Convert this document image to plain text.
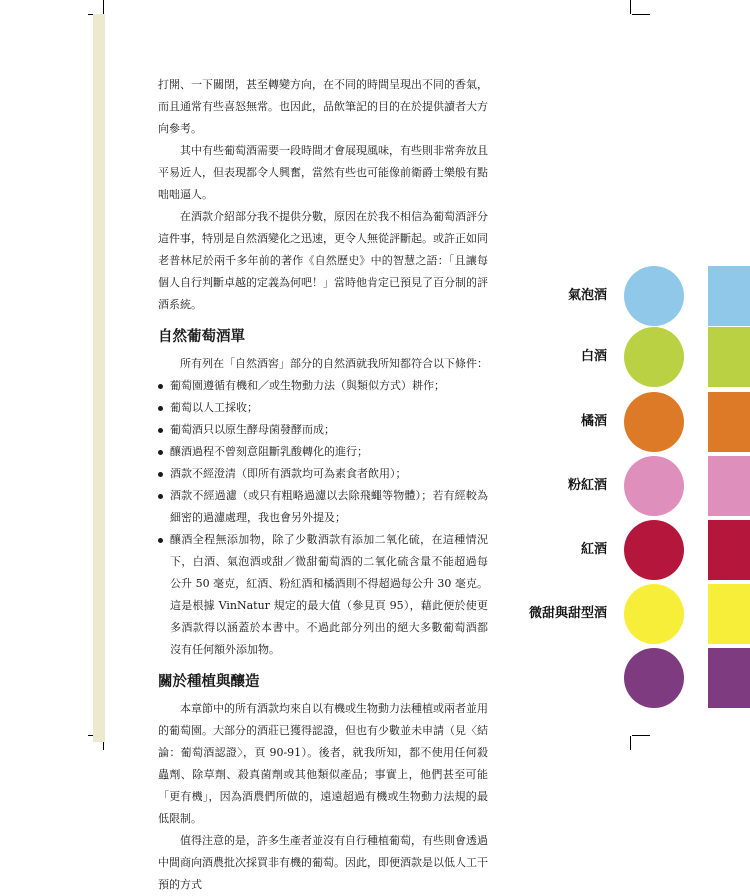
打開、一下關閉，甚至轉變方向，在不同的時間呈現出不同的香氣，而且通常有些喜怒無常。也因此，品飲筆記的目的在於提供讀者大方向參考。

其中有些葡萄酒需要一段時間才會展現風味，有些則非常奔放且平易近人，但表現都令人興奮，當然有些也可能像前衛爵士樂般有點咄咄逼人。

在酒款介紹部分我不提供分數，原因在於我不相信為葡萄酒評分這件事，特別是自然酒變化之迅速，更令人無從評斷起。或許正如同老普林尼於兩千多年前的著作《自然歷史》中的智慧之語：「且讓每個人自行判斷卓越的定義為何吧！」當時他肯定已預見了百分制的評酒系統。

自然葡萄酒單

所有列在「自然酒窖」部分的自然酒就我所知都符合以下條件：

葡萄園遵循有機和／或生物動力法（與類似方式）耕作；
葡萄以人工採收；
葡萄酒只以原生酵母菌發酵而成；
釀酒過程不曾刻意阻斷乳酸轉化的進行；
酒款不經澄清（即所有酒款均可為素食者飲用）；
酒款不經過濾（或只有粗略過濾以去除飛蠅等物體）；若有經較為細密的過濾處理，我也會另外提及；
釀酒全程無添加物，除了少數酒款有添加二氧化硫，在這種情況下，白酒、氣泡酒或甜／微甜葡萄酒的二氧化硫含量不能超過每公升 50 毫克，紅酒、粉紅酒和橘酒則不得超過每公升 30 毫克。這是根據 VinNatur 規定的最大值（參見頁 95），藉此便於使更多酒款得以涵蓋於本書中。不過此部分列出的絕大多數葡萄酒都沒有任何額外添加物。
關於種植與釀造

本章節中的所有酒款均來自以有機或生物動力法種植或兩者並用的葡萄園。大部分的酒莊已獲得認證，但也有少數並未申請（見〈結論：葡萄酒認證〉，頁 90-91）。後者，就我所知，都不使用任何殺蟲劑、除草劑、殺真菌劑或其他類似產品；事實上，他們甚至可能「更有機」，因為酒農們所做的，遠遠超過有機或生物動力法規的最低限制。

值得注意的是，許多生產者並沒有自行種植葡萄，有些則會透過中間商向酒農批次採買非有機的葡萄。因此，即便酒款是以低人工干預的方式

氣泡酒
白酒
橘酒
粉紅酒
紅酒
微甜與甜型酒
